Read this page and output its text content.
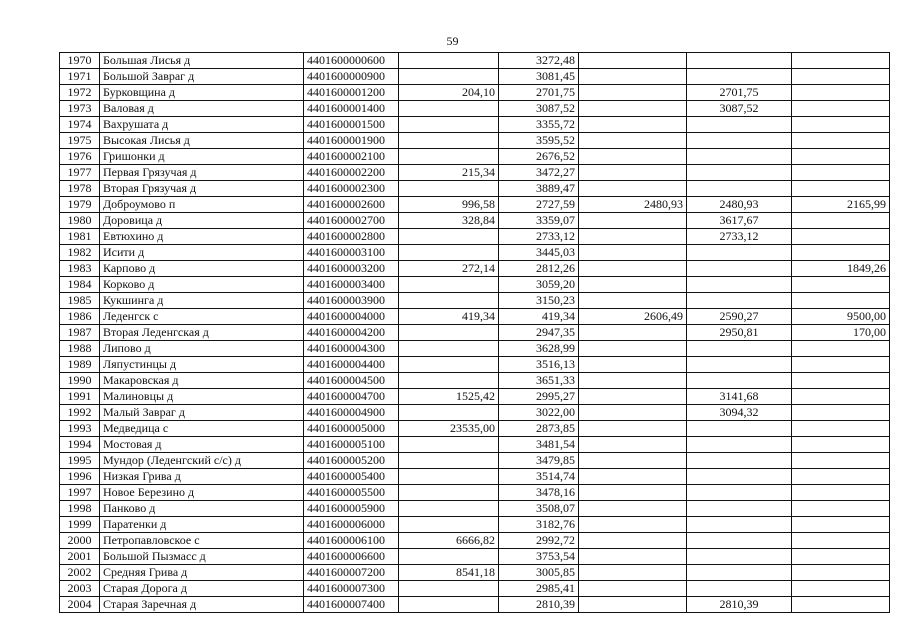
59
1970	Большая Лисья д	4401600000600		3272,48			
1971	Большой Завраг д	4401600000900		3081,45			
1972	Бурковщина д	4401600001200	204,10	2701,75		2701,75	
1973	Валовая д	4401600001400		3087,52		3087,52	
1974	Вахрушата д	4401600001500		3355,72			
1975	Высокая Лисья д	4401600001900		3595,52			
1976	Гришонки д	4401600002100		2676,52			
1977	Первая Грязучая д	4401600002200	215,34	3472,27			
1978	Вторая Грязучая д	4401600002300		3889,47			
1979	Доброумово п	4401600002600	996,58	2727,59	2480,93	2480,93	2165,99
1980	Доровица д	4401600002700	328,84	3359,07		3617,67	
1981	Евтюхино д	4401600002800		2733,12		2733,12	
1982	Исити д	4401600003100		3445,03			
1983	Карпово д	4401600003200	272,14	2812,26			1849,26
1984	Корково д	4401600003400		3059,20			
1985	Кукшинга д	4401600003900		3150,23			
1986	Леденгск с	4401600004000	419,34	419,34	2606,49	2590,27	9500,00
1987	Вторая Леденгская д	4401600004200		2947,35		2950,81	170,00
1988	Липово д	4401600004300		3628,99			
1989	Ляпустинцы д	4401600004400		3516,13			
1990	Макаровская д	4401600004500		3651,33			
1991	Малиновцы д	4401600004700	1525,42	2995,27		3141,68	
1992	Малый Завраг д	4401600004900		3022,00		3094,32	
1993	Медведица с	4401600005000	23535,00	2873,85			
1994	Мостовая д	4401600005100		3481,54			
1995	Мундор (Леденгский с/с) д	4401600005200		3479,85			
1996	Низкая Грива д	4401600005400		3514,74			
1997	Новое Березино д	4401600005500		3478,16			
1998	Панково д	4401600005900		3508,07			
1999	Паратенки д	4401600006000		3182,76			
2000	Петропавловское с	4401600006100	6666,82	2992,72			
2001	Большой Пызмасс д	4401600006600		3753,54			
2002	Средняя Грива д	4401600007200	8541,18	3005,85			
2003	Старая Дорога д	4401600007300		2985,41			
2004	Старая Заречная д	4401600007400		2810,39		2810,39	
